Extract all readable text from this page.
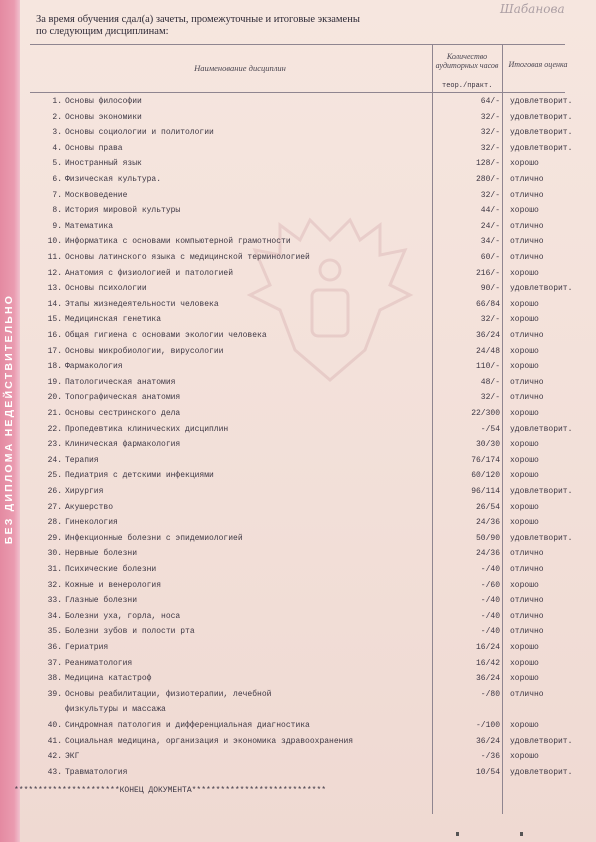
БЕЗ ДИПЛОМА НЕДЕЙСТВИТЕЛЬНО
Шабанова
За время обучения сдал(а) зачеты, промежуточные и итоговые экзамены
по следующим дисциплинам:
Наименование дисциплин
Количество аудиторных часов
теор./практ.
Итоговая оценка
1. Основы философии	64/- удовлетворит.
2. Основы экономики	32/- удовлетворит.
3. Основы социологии и политологии	32/- удовлетворит.
4. Основы права	32/- удовлетворит.
5. Иностранный язык	128/- хорошо
6. Физическая культура.	280/- отлично
7. Москвоведение	32/- отлично
8. История мировой культуры	44/- хорошо
9. Математика	24/- отлично
10. Информатика с основами компьютерной грамотности	34/- отлично
11. Основы латинского языка с медицинской терминологией	60/- отлично
12. Анатомия с физиологией и патологией	216/- хорошо
13. Основы психологии	90/- удовлетворит.
14. Этапы жизнедеятельности человека	66/84 хорошо
15. Медицинская генетика	32/- хорошо
16. Общая гигиена с основами экологии человека	36/24 отлично
17. Основы микробиологии, вирусологии	24/48 хорошо
18. Фармакология	110/- хорошо
19. Патологическая анатомия	48/- отлично
20. Топографическая анатомия	32/- отлично
21. Основы сестринского дела	22/300 хорошо
22. Пропедевтика клинических дисциплин	-/54 удовлетворит.
23. Клиническая фармакология	30/30 хорошо
24. Терапия	76/174 хорошо
25. Педиатрия с детскими инфекциями	60/120 хорошо
26. Хирургия	96/114 удовлетворит.
27. Акушерство	26/54 хорошо
28. Гинекология	24/36 хорошо
29. Инфекционные болезни с эпидемиологией	50/90 удовлетворит.
30. Нервные болезни	24/36 отлично
31. Психические болезни	-/40 отлично
32. Кожные и венерология	-/60 хорошо
33. Глазные болезни	-/40 отлично
34. Болезни уха, горла, носа	-/40 отлично
35. Болезни зубов и полости рта	-/40 отлично
36. Гериатрия	16/24 хорошо
37. Реаниматология	16/42 хорошо
38. Медицина катастроф	36/24 хорошо
39. Основы реабилитации, физиотерапии, лечебной	-/80 отлично
физкультуры и массажа
40. Синдромная патология и дифференциальная диагностика	-/100 хорошо
41. Социальная медицина, организация и экономика здравоохранения	36/24 удовлетворит.
42. ЭКГ	-/36 хорошо
43. Травматология	10/54 удовлетворит.
**********************КОНЕЦ ДОКУМЕНТА****************************
